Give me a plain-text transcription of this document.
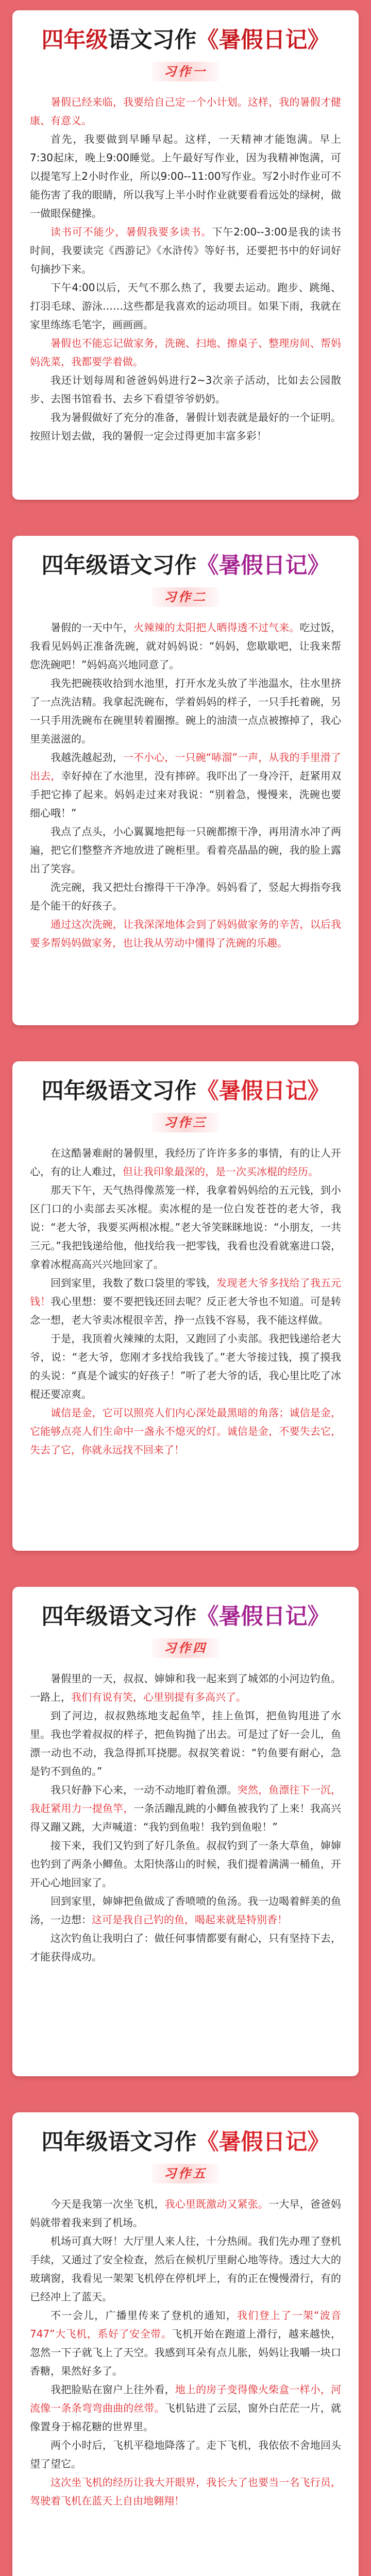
四年级语文习作《暑假日记》
习作一

暑假已经来临，我要给自己定一个小计划。这样，我的暑假才健康、有意义。

首先，我要做到早睡早起。这样，一天精神才能饱满。早上7:30起床，晚上9:00睡觉。上午最好写作业，因为我精神饱满，可以提笔写上2小时作业，所以9:00--11:00写作业。写2小时作业可不能伤害了我的眼睛，所以我写上半小时作业就要看看远处的绿树，做一做眼保健操。

读书可不能少，暑假我要多读书。下午2:00--3:00是我的读书时间，我要读完《西游记》《水浒传》等好书，还要把书中的好词好句摘抄下来。

下午4:00以后，天气不那么热了，我要去运动。跑步、跳绳、打羽毛球、游泳……这些都是我喜欢的运动项目。如果下雨，我就在家里练练毛笔字，画画画。

暑假也不能忘记做家务，洗碗、扫地、擦桌子、整理房间、帮妈妈洗菜，我都要学着做。

我还计划每周和爸爸妈妈进行2~3次亲子活动，比如去公园散步、去图书馆看书、去乡下看望爷爷奶奶。

我为暑假做好了充分的准备，暑假计划表就是最好的一个证明。按照计划去做，我的暑假一定会过得更加丰富多彩！

四年级语文习作《暑假日记》
习作二

暑假的一天中午，火辣辣的太阳把人晒得透不过气来。吃过饭，我看见妈妈正准备洗碗，就对妈妈说：“妈妈，您歇歇吧，让我来帮您洗碗吧！”妈妈高兴地同意了。

我先把碗筷收拾到水池里，打开水龙头放了半池温水，往水里挤了一点洗洁精。我拿起洗碗布，学着妈妈的样子，一只手托着碗，另一只手用洗碗布在碗里转着圈擦。碗上的油渍一点点被擦掉了，我心里美滋滋的。

我越洗越起劲，一不小心，一只碗“哧溜”一声，从我的手里滑了出去，幸好掉在了水池里，没有摔碎。我吓出了一身冷汗，赶紧用双手把它捧了起来。妈妈走过来对我说：“别着急，慢慢来，洗碗也要细心哦！”

我点了点头，小心翼翼地把每一只碗都擦干净，再用清水冲了两遍，把它们整整齐齐地放进了碗柜里。看着亮晶晶的碗，我的脸上露出了笑容。

洗完碗，我又把灶台擦得干干净净。妈妈看了，竖起大拇指夸我是个能干的好孩子。

通过这次洗碗，让我深深地体会到了妈妈做家务的辛苦，以后我要多帮妈妈做家务，也让我从劳动中懂得了洗碗的乐趣。

四年级语文习作《暑假日记》
习作三

在这酷暑难耐的暑假里，我经历了许许多多的事情，有的让人开心，有的让人难过，但让我印象最深的，是一次买冰棍的经历。

那天下午，天气热得像蒸笼一样，我拿着妈妈给的五元钱，到小区门口的小卖部去买冰棍。卖冰棍的是一位白发苍苍的老大爷，我说：“老大爷，我要买两根冰棍。”老大爷笑眯眯地说：“小朋友，一共三元。”我把钱递给他，他找给我一把零钱，我看也没看就塞进口袋，拿着冰棍高高兴兴地回家了。

回到家里，我数了数口袋里的零钱，发现老大爷多找给了我五元钱！我心里想：要不要把钱还回去呢？反正老大爷也不知道。可是转念一想，老大爷卖冰棍很辛苦，挣一点钱不容易，我不能这样做。

于是，我顶着火辣辣的太阳，又跑回了小卖部。我把钱递给老大爷，说：“老大爷，您刚才多找给我钱了。”老大爷接过钱，摸了摸我的头说：“真是个诚实的好孩子！”听了老大爷的话，我心里比吃了冰棍还要凉爽。

诚信是金，它可以照亮人们内心深处最黑暗的角落；诚信是金，它能够点亮人们生命中一盏永不熄灭的灯。诚信是金，不要失去它，失去了它，你就永远找不回来了！

四年级语文习作《暑假日记》
习作四

暑假里的一天，叔叔、婶婶和我一起来到了城郊的小河边钓鱼。一路上，我们有说有笑，心里别提有多高兴了。

到了河边，叔叔熟练地支起鱼竿，挂上鱼饵，把鱼钩甩进了水里。我也学着叔叔的样子，把鱼钩抛了出去。可是过了好一会儿，鱼漂一动也不动，我急得抓耳挠腮。叔叔笑着说：“钓鱼要有耐心，急是钓不到鱼的。”

我只好静下心来，一动不动地盯着鱼漂。突然，鱼漂往下一沉，我赶紧用力一提鱼竿，一条活蹦乱跳的小鲫鱼被我钓了上来！我高兴得又蹦又跳，大声喊道：“我钓到鱼啦！我钓到鱼啦！”

接下来，我们又钓到了好几条鱼。叔叔钓到了一条大草鱼，婶婶也钓到了两条小鲫鱼。太阳快落山的时候，我们提着满满一桶鱼，开开心心地回家了。

回到家里，婶婶把鱼做成了香喷喷的鱼汤。我一边喝着鲜美的鱼汤，一边想：这可是我自己钓的鱼，喝起来就是特别香！

这次钓鱼让我明白了：做任何事情都要有耐心，只有坚持下去，才能获得成功。

四年级语文习作《暑假日记》
习作五

今天是我第一次坐飞机，我心里既激动又紧张。一大早，爸爸妈妈就带着我来到了机场。

机场可真大呀！大厅里人来人往，十分热闹。我们先办理了登机手续，又通过了安全检查，然后在候机厅里耐心地等待。透过大大的玻璃窗，我看见一架架飞机停在停机坪上，有的正在慢慢滑行，有的已经冲上了蓝天。

不一会儿，广播里传来了登机的通知，我们登上了一架“波音747”大飞机，系好了安全带。飞机开始在跑道上滑行，越来越快，忽然一下子就飞上了天空。我感到耳朵有点儿胀，妈妈让我嚼一块口香糖，果然好多了。

我把脸贴在窗户上往外看，地上的房子变得像火柴盒一样小，河流像一条条弯弯曲曲的丝带。飞机钻进了云层，窗外白茫茫一片，就像置身于棉花糖的世界里。

两个小时后，飞机平稳地降落了。走下飞机，我依依不舍地回头望了望它。

这次坐飞机的经历让我大开眼界，我长大了也要当一名飞行员，驾驶着飞机在蓝天上自由地翱翔！
